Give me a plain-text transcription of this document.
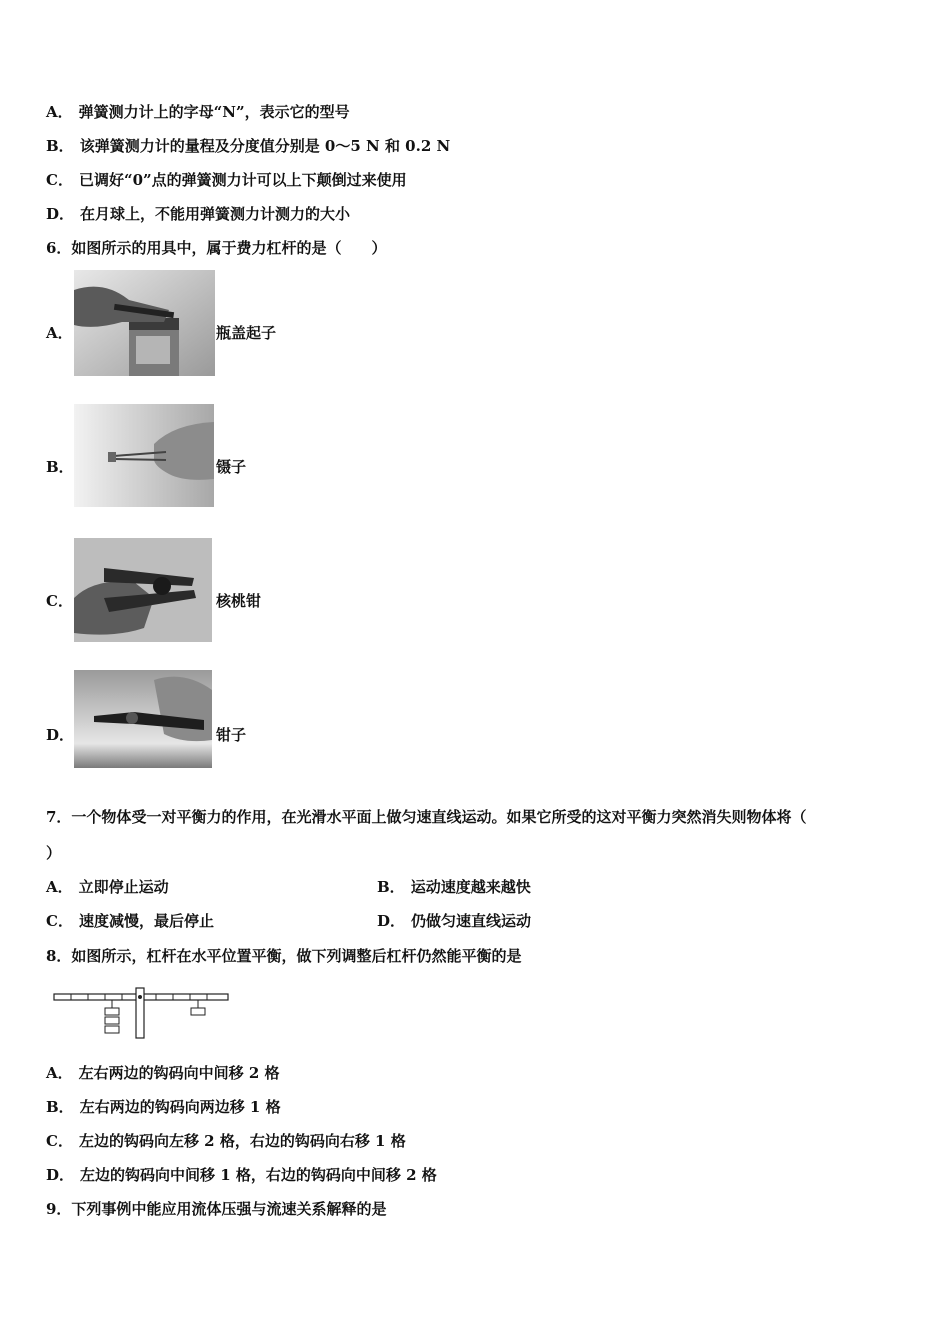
A． 弹簧测力计上的字母“N”，表示它的型号
B． 该弹簧测力计的量程及分度值分别是 0～5 N 和 0.2 N
C． 已调好“0”点的弹簧测力计可以上下颠倒过来使用
D． 在月球上，不能用弹簧测力计测力的大小
6．如图所示的用具中，属于费力杠杆的是（　　）
A．	瓶盖起子
B．	镊子
C．	核桃钳
D．	钳子
7．一个物体受一对平衡力的作用，在光滑水平面上做匀速直线运动。如果它所受的这对平衡力突然消失则物体将（
）
A． 立即停止运动	B． 运动速度越来越快
C． 速度减慢，最后停止	D． 仍做匀速直线运动
8．如图所示，杠杆在水平位置平衡，做下列调整后杠杆仍然能平衡的是
A． 左右两边的钩码向中间移 2 格
B． 左右两边的钩码向两边移 1 格
C． 左边的钩码向左移 2 格，右边的钩码向右移 1 格
D． 左边的钩码向中间移 1 格，右边的钩码向中间移 2 格
9．下列事例中能应用流体压强与流速关系解释的是
